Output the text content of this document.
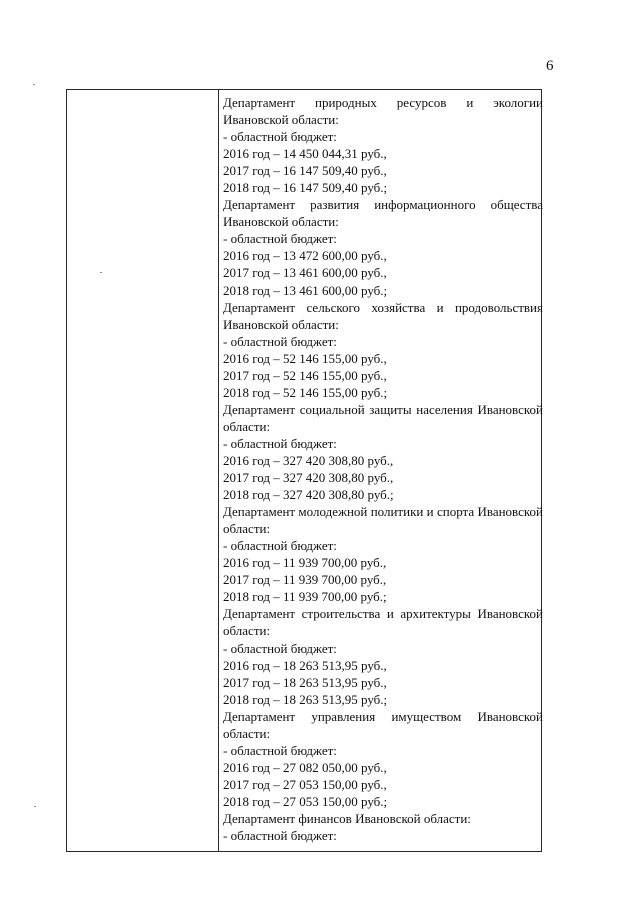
6
Департамент природных ресурсов и экологии
Ивановской области:
- областной бюджет:
2016 год – 14 450 044,31 руб.,
2017 год – 16 147 509,40 руб.,
2018 год – 16 147 509,40 руб.;
Департамент развития информационного общества
Ивановской области:
- областной бюджет:
2016 год – 13 472 600,00 руб.,
2017 год – 13 461 600,00 руб.,
2018 год – 13 461 600,00 руб.;
Департамент сельского хозяйства и продовольствия
Ивановской области:
- областной бюджет:
2016 год – 52 146 155,00 руб.,
2017 год – 52 146 155,00 руб.,
2018 год – 52 146 155,00 руб.;
Департамент социальной защиты населения Ивановской
области:
- областной бюджет:
2016 год – 327 420 308,80 руб.,
2017 год – 327 420 308,80 руб.,
2018 год – 327 420 308,80 руб.;
Департамент молодежной политики и спорта Ивановской
области:
- областной бюджет:
2016 год – 11 939 700,00 руб.,
2017 год – 11 939 700,00 руб.,
2018 год – 11 939 700,00 руб.;
Департамент строительства и архитектуры Ивановской
области:
- областной бюджет:
2016 год – 18 263 513,95 руб.,
2017 год – 18 263 513,95 руб.,
2018 год – 18 263 513,95 руб.;
Департамент управления имуществом Ивановской
области:
- областной бюджет:
2016 год – 27 082 050,00 руб.,
2017 год – 27 053 150,00 руб.,
2018 год – 27 053 150,00 руб.;
Департамент финансов Ивановской области:
- областной бюджет:
